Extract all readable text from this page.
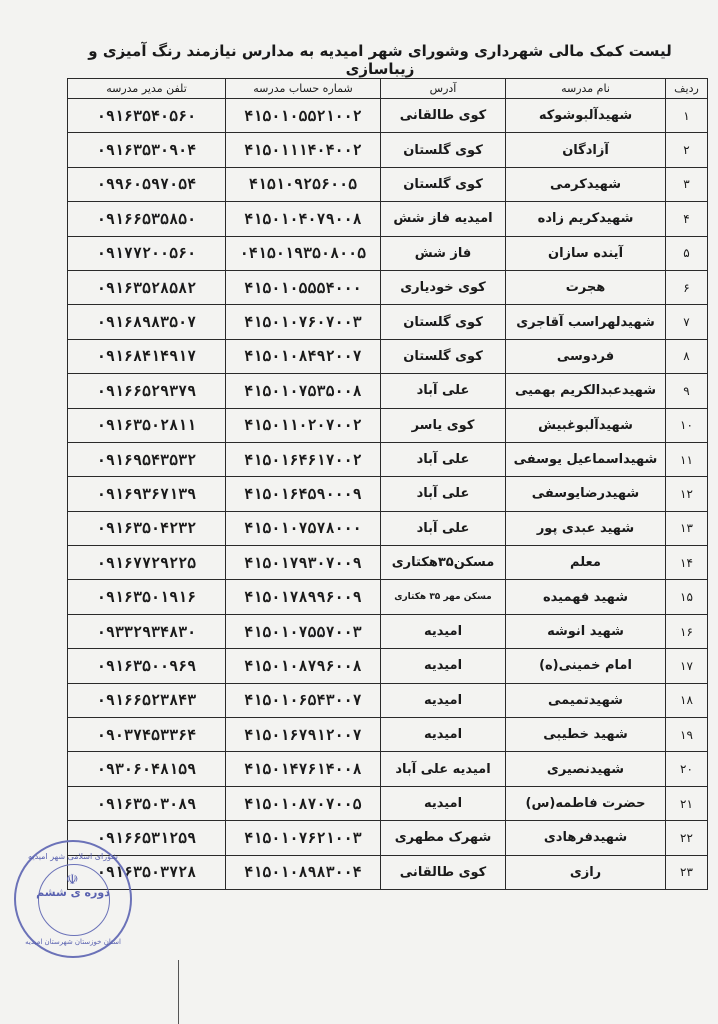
لیست کمک مالی شهرداری وشورای شهر امیدیه به مدارس نیازمند رنگ آمیزی و زیباسازی
ردیف	نام مدرسه	آدرس	شماره حساب مدرسه	تلفن مدیر مدرسه
۱	شهیدآلبوشوکه	کوی طالقانی	۴۱۵۰۱۰۵۵۲۱۰۰۲	۰۹۱۶۳۵۴۰۵۶۰
۲	آزادگان	کوی گلستان	۴۱۵۰۱۱۱۴۰۴۰۰۲	۰۹۱۶۳۵۳۰۹۰۴
۳	شهیدکرمی	کوی گلستان	۴۱۵۱۰۹۲۵۶۰۰۵	۰۹۹۶۰۵۹۷۰۵۴
۴	شهیدکریم زاده	امیدیه فاز شش	۴۱۵۰۱۰۴۰۷۹۰۰۸	۰۹۱۶۶۵۳۵۸۵۰
۵	آینده سازان	فاز شش	۰۴۱۵۰۱۹۳۵۰۸۰۰۵	۰۹۱۷۷۲۰۰۵۶۰
۶	هجرت	کوی خودیاری	۴۱۵۰۱۰۵۵۵۴۰۰۰	۰۹۱۶۳۵۲۸۵۸۲
۷	شهیدلهراسب آقاجری	کوی گلستان	۴۱۵۰۱۰۷۶۰۷۰۰۳	۰۹۱۶۸۹۸۳۵۰۷
۸	فردوسی	کوی گلستان	۴۱۵۰۱۰۸۴۹۲۰۰۷	۰۹۱۶۸۴۱۴۹۱۷
۹	شهیدعبدالکریم بهمیی	علی آباد	۴۱۵۰۱۰۷۵۳۵۰۰۸	۰۹۱۶۶۵۲۹۳۷۹
۱۰	شهیدآلبوغبیش	کوی یاسر	۴۱۵۰۱۱۰۲۰۷۰۰۲	۰۹۱۶۳۵۰۲۸۱۱
۱۱	شهیداسماعیل یوسفی	علی آباد	۴۱۵۰۱۶۴۶۱۷۰۰۲	۰۹۱۶۹۵۴۳۵۳۲
۱۲	شهیدرضایوسفی	علی آباد	۴۱۵۰۱۶۴۵۹۰۰۰۹	۰۹۱۶۹۳۶۷۱۳۹
۱۳	شهید عبدی پور	علی آباد	۴۱۵۰۱۰۷۵۷۸۰۰۰	۰۹۱۶۳۵۰۴۲۳۲
۱۴	معلم	مسکن۳۵هکتاری	۴۱۵۰۱۷۹۳۰۷۰۰۹	۰۹۱۶۷۷۲۹۲۲۵
۱۵	شهید فهمیده	مسکن مهر ۳۵ هکتاری	۴۱۵۰۱۷۸۹۹۶۰۰۹	۰۹۱۶۳۵۰۱۹۱۶
۱۶	شهید انوشه	امیدیه	۴۱۵۰۱۰۷۵۵۷۰۰۳	۰۹۳۳۲۹۳۴۸۳۰
۱۷	امام خمینی(ه)	امیدیه	۴۱۵۰۱۰۸۷۹۶۰۰۸	۰۹۱۶۳۵۰۰۹۶۹
۱۸	شهیدتمیمی	امیدیه	۴۱۵۰۱۰۶۵۴۳۰۰۷	۰۹۱۶۶۵۲۳۸۴۳
۱۹	شهید خطیبی	امیدیه	۴۱۵۰۱۶۷۹۱۲۰۰۷	۰۹۰۳۷۴۵۳۳۶۴
۲۰	شهیدنصیری	امیدیه علی آباد	۴۱۵۰۱۴۷۶۱۴۰۰۸	۰۹۳۰۶۰۴۸۱۵۹
۲۱	حضرت فاطمه(س)	امیدیه	۴۱۵۰۱۰۸۷۰۷۰۰۵	۰۹۱۶۳۵۰۳۰۸۹
۲۲	شهیدفرهادی	شهرک مطهری	۴۱۵۰۱۰۷۶۲۱۰۰۳	۰۹۱۶۶۵۳۱۲۵۹
۲۳	رازی	کوی طالقانی	۴۱۵۰۱۰۸۹۸۳۰۰۴	۰۹۱۶۳۵۰۳۷۲۸
شورای اسلامی شهر امیدیه
☫
دوره ی ششم
استان خوزستان شهرستان امیدیه
